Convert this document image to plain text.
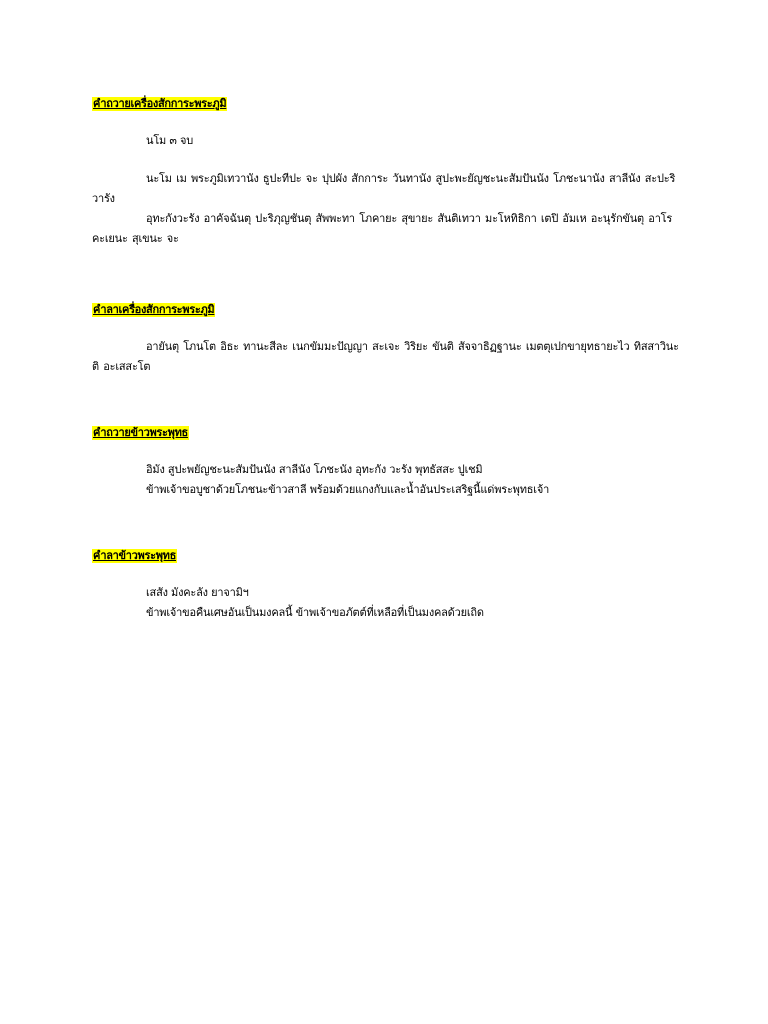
คำถวายเครื่องสักการะพระภูมิ

นโม ๓ จบ

นะโม เม พระภูมิเทวานัง ธูปะทีปะ จะ ปุปผัง สักการะ วันทานัง สูปะพะยัญชะนะสัมปันนัง โภชะนานัง สาลีนัง สะปะริวารัง

อุทะกังวะรัง อาคัจฉันตุ ปะริภุญชันตุ สัพพะทา โภคายะ สุขายะ สันติเทวา มะโหทิธิกา เตปิ อัมเห อะนุรักขันตุ อาโรคะเยนะ สุเขนะ จะ

คำลาเครื่องสักการะพระภูมิ

อายันตุ โภนโต อิธะ ทานะสีละ เนกขัมมะปัญญา สะเจะ วิริยะ ขันติ สัจจาธิฏฐานะ เมตตุเปกขายุทธายะไว ทิสสาวินะติ อะเสสะโต

คำถวายข้าวพระพุทธ

อิมัง สูปะพยัญชะนะสัมปันนัง สาลีนัง โภชะนัง อุทะกัง วะรัง พุทธัสสะ ปูเชมิ

ข้าพเจ้าขอบูชาด้วยโภชนะข้าวสาลี พร้อมด้วยแกงกับและน้ำอันประเสริฐนี้แด่พระพุทธเจ้า

คำลาข้าวพระพุทธ

เสสัง มังคะลัง ยาจามิฯ

ข้าพเจ้าขอคืนเศษอันเป็นมงคลนี้ ข้าพเจ้าขอภัตต์ที่เหลือที่เป็นมงคลด้วยเถิด
